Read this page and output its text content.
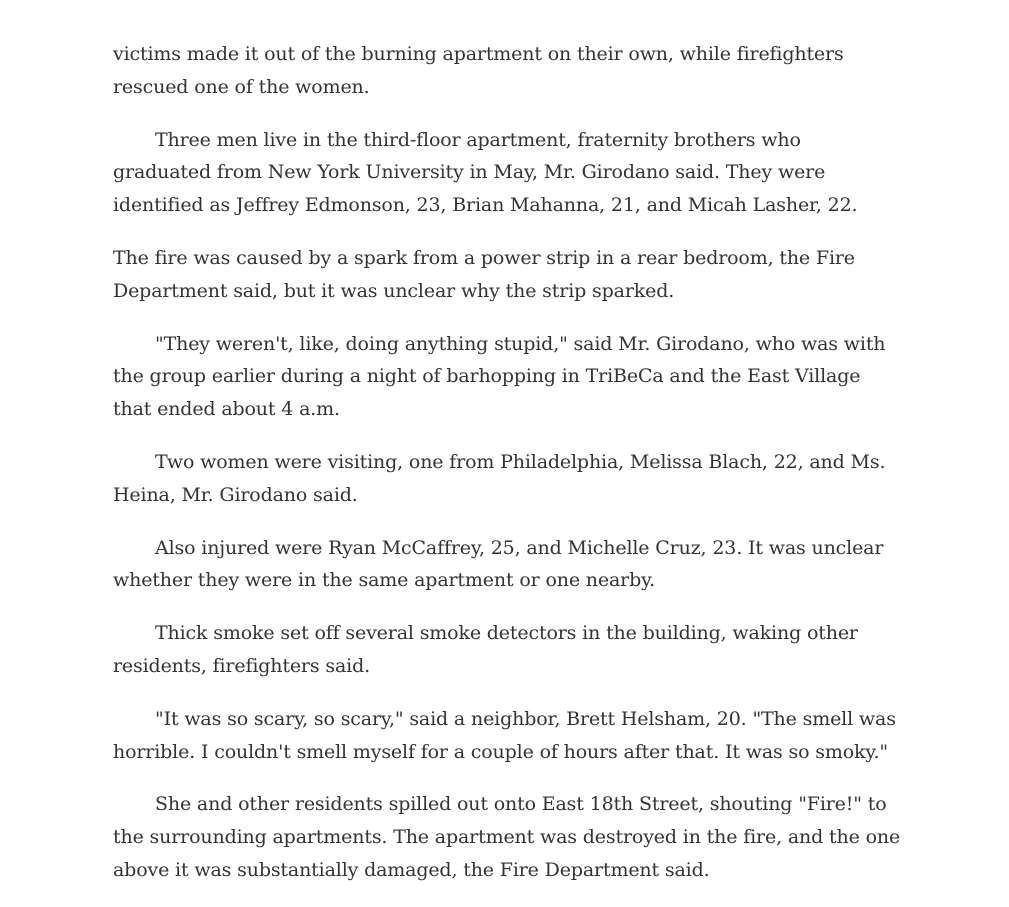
victims made it out of the burning apartment on their own, while firefighters rescued one of the women.

Three men live in the third-floor apartment, fraternity brothers who graduated from New York University in May, Mr. Girodano said. They were identified as Jeffrey Edmonson, 23, Brian Mahanna, 21, and Micah Lasher, 22.

The fire was caused by a spark from a power strip in a rear bedroom, the Fire Department said, but it was unclear why the strip sparked.

"They weren't, like, doing anything stupid," said Mr. Girodano, who was with the group earlier during a night of barhopping in TriBeCa and the East Village that ended about 4 a.m.

Two women were visiting, one from Philadelphia, Melissa Blach, 22, and Ms. Heina, Mr. Girodano said.

Also injured were Ryan McCaffrey, 25, and Michelle Cruz, 23. It was unclear whether they were in the same apartment or one nearby.

Thick smoke set off several smoke detectors in the building, waking other residents, firefighters said.

"It was so scary, so scary," said a neighbor, Brett Helsham, 20. "The smell was horrible. I couldn't smell myself for a couple of hours after that. It was so smoky."

She and other residents spilled out onto East 18th Street, shouting "Fire!" to the surrounding apartments. The apartment was destroyed in the fire, and the one above it was substantially damaged, the Fire Department said.
